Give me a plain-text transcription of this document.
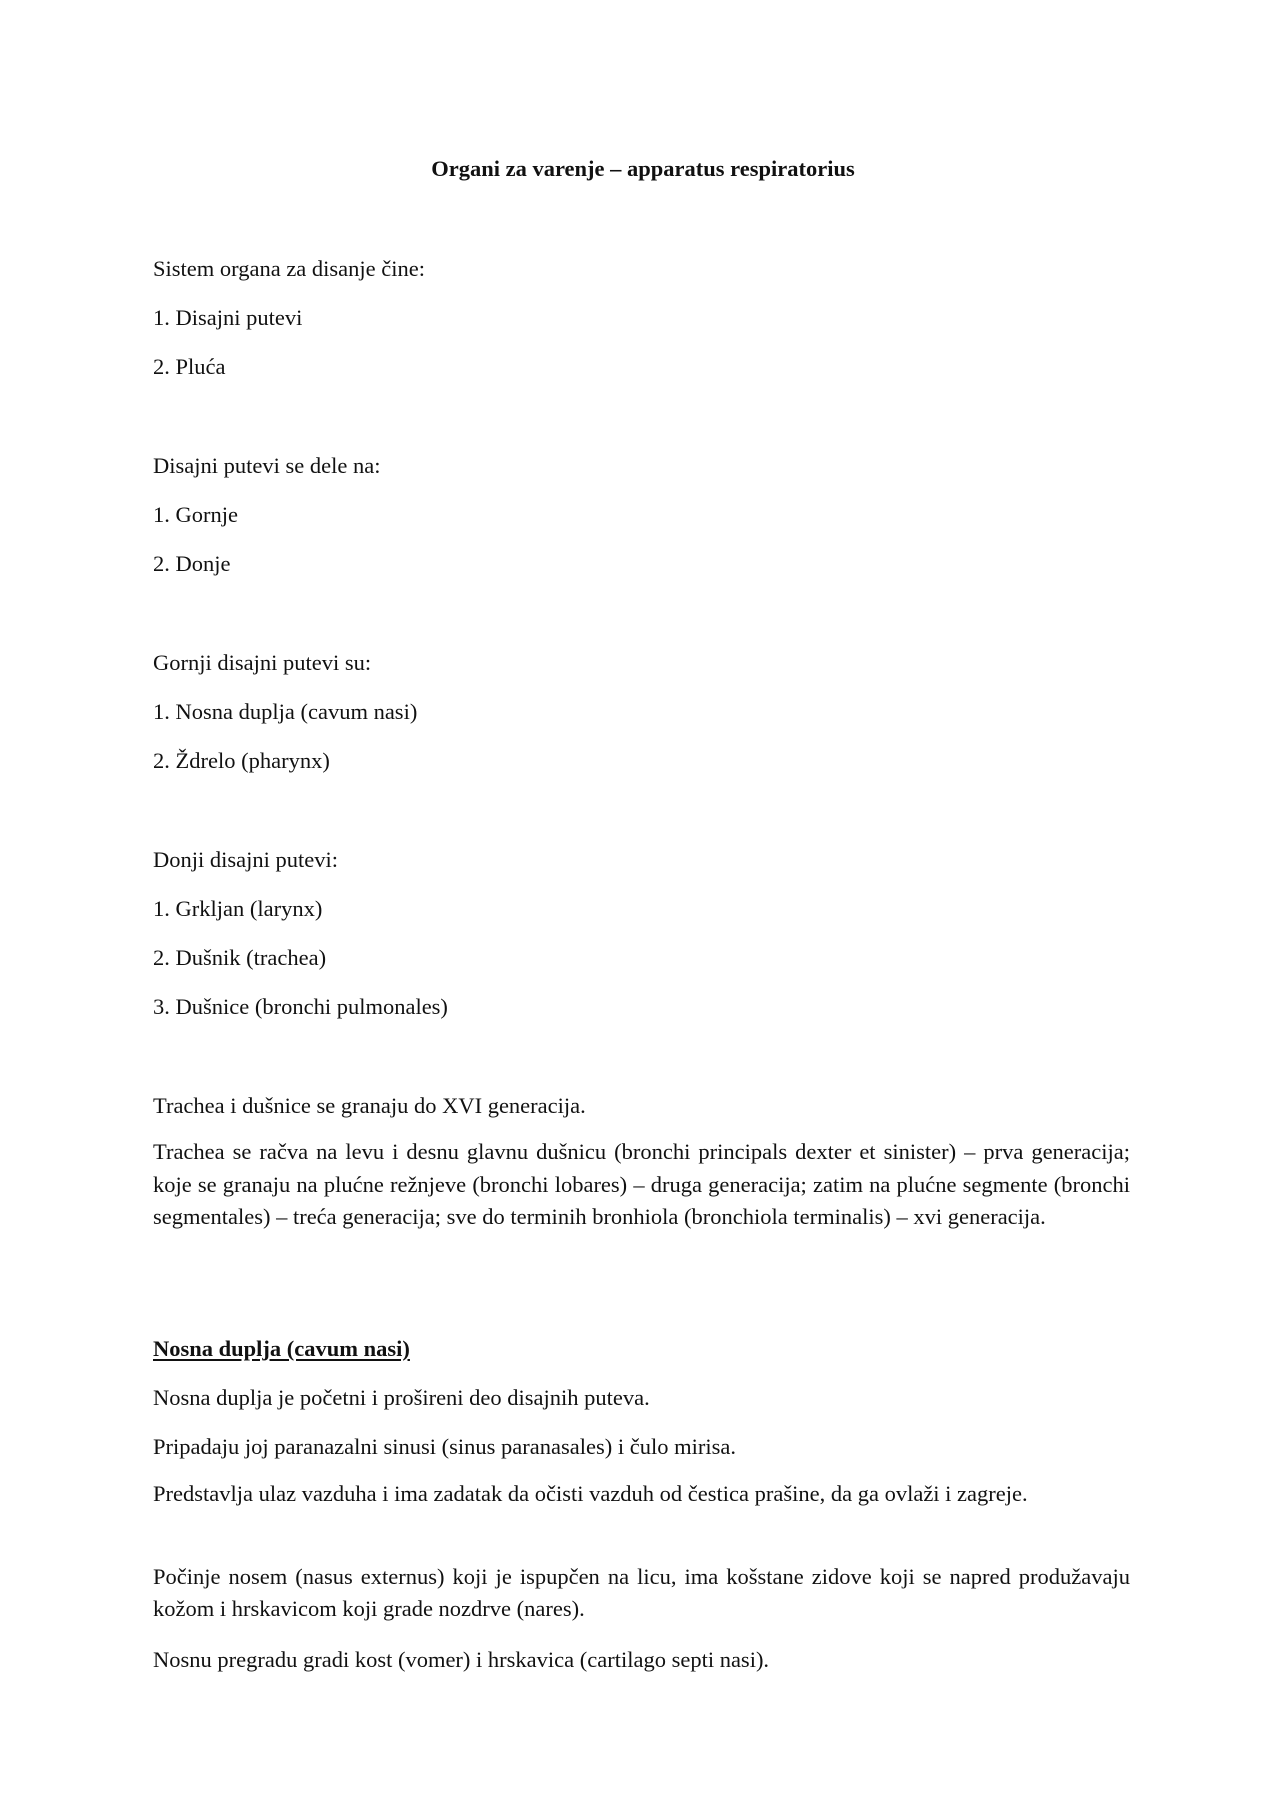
Organi za varenje – apparatus respiratorius
Sistem organa za disanje čine:
1. Disajni putevi
2. Pluća
Disajni putevi se dele na:
1. Gornje
2. Donje
Gornji disajni putevi su:
1. Nosna duplja (cavum nasi)
2. Ždrelo (pharynx)
Donji disajni putevi:
1. Grkljan (larynx)
2. Dušnik (trachea)
3. Dušnice (bronchi pulmonales)
Trachea i dušnice se granaju do XVI generacija.
Trachea se račva na levu i desnu glavnu dušnicu (bronchi principals dexter et sinister) – prva generacija; koje se granaju na plućne režnjeve (bronchi lobares) – druga generacija; zatim na plućne segmente (bronchi segmentales) – treća generacija; sve do terminih bronhiola (bronchiola terminalis) – xvi generacija.
Nosna duplja (cavum nasi)
Nosna duplja je početni i prošireni deo disajnih puteva.
Pripadaju joj paranazalni sinusi (sinus paranasales) i čulo mirisa.
Predstavlja ulaz vazduha i ima zadatak da očisti vazduh od čestica prašine, da ga ovlaži i zagreje.
Počinje nosem (nasus externus) koji je ispupčen na licu, ima košstane zidove koji se napred produžavaju kožom i hrskavicom koji grade nozdrve (nares).
Nosnu pregradu gradi kost (vomer) i hrskavica (cartilago septi nasi).
